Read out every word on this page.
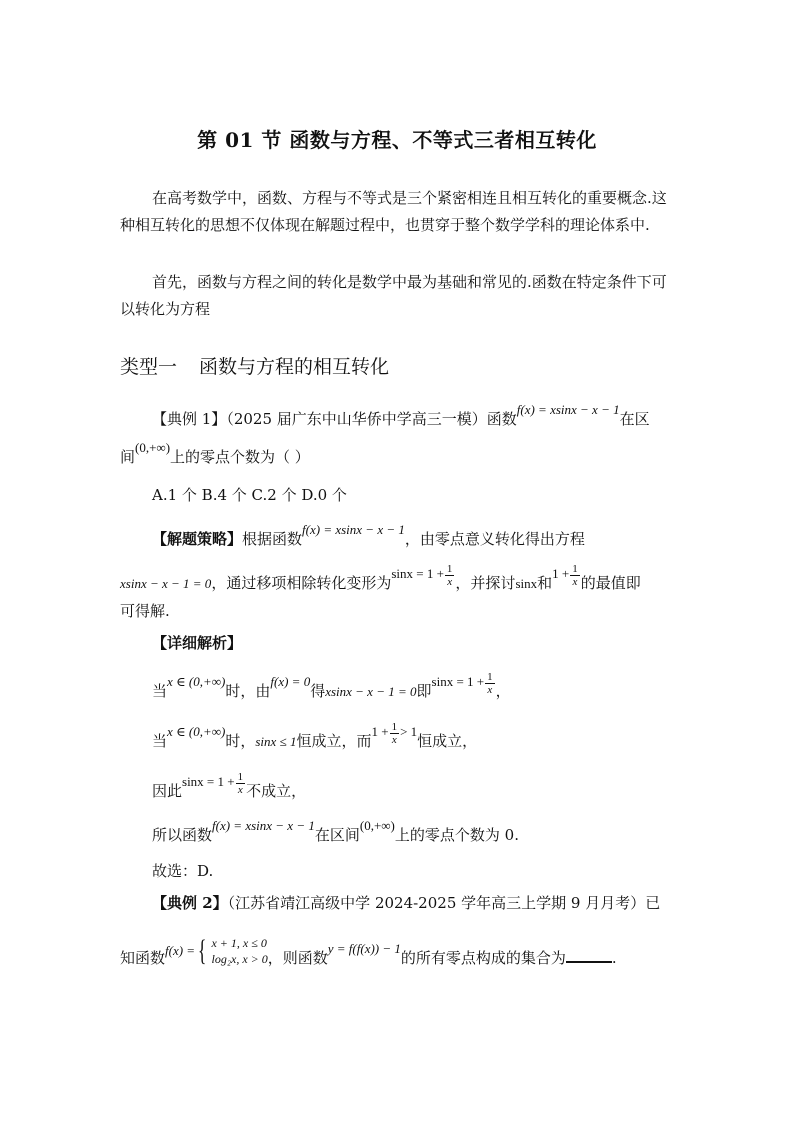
第 01 节 函数与方程、不等式三者相互转化
在高考数学中，函数、方程与不等式是三个紧密相连且相互转化的重要概念.这种相互转化的思想不仅体现在解题过程中，也贯穿于整个数学学科的理论体系中.
首先，函数与方程之间的转化是数学中最为基础和常见的.函数在特定条件下可以转化为方程
类型一 函数与方程的相互转化
【典例 1】（2025 届广东中山华侨中学高三一模）函数f(x) = xsinx − x − 1在区
间(0,+∞)上的零点个数为（ ）
A.1 个 B.4 个 C.2 个 D.0 个
【解题策略】根据函数f(x) = xsinx − x − 1，由零点意义转化得出方程
xsinx − x − 1 = 0，通过移项相除转化变形为$\sin x = 1 + \frac{1}{x}$ ，并探讨sinx和$1 + \frac{1}{x}$ 的最值即
可得解.
【详细解析】
当x ∈ (0,+∞)时，由f(x) = 0得xsinx − x − 1 = 0即$\sin x = 1 + \frac{1}{x}$ ，
当x ∈ (0,+∞)时，sinx ≤ 1恒成立，而$1 + \frac{1}{x} > 1$恒成立，
因此$\sin x = 1 + \frac{1}{x}$ 不成立，
所以函数f(x) = xsinx − x − 1在区间(0,+∞)上的零点个数为 0.
故选：D.
【典例 2】（江苏省靖江高级中学 2024-2025 学年高三上学期 9 月月考）已
知函数 f(x) = { x + 1, x ≤ 0
log₂x, x > 0 ，则函数y = f(f(x)) − 1的所有零点构成的集合为	.
